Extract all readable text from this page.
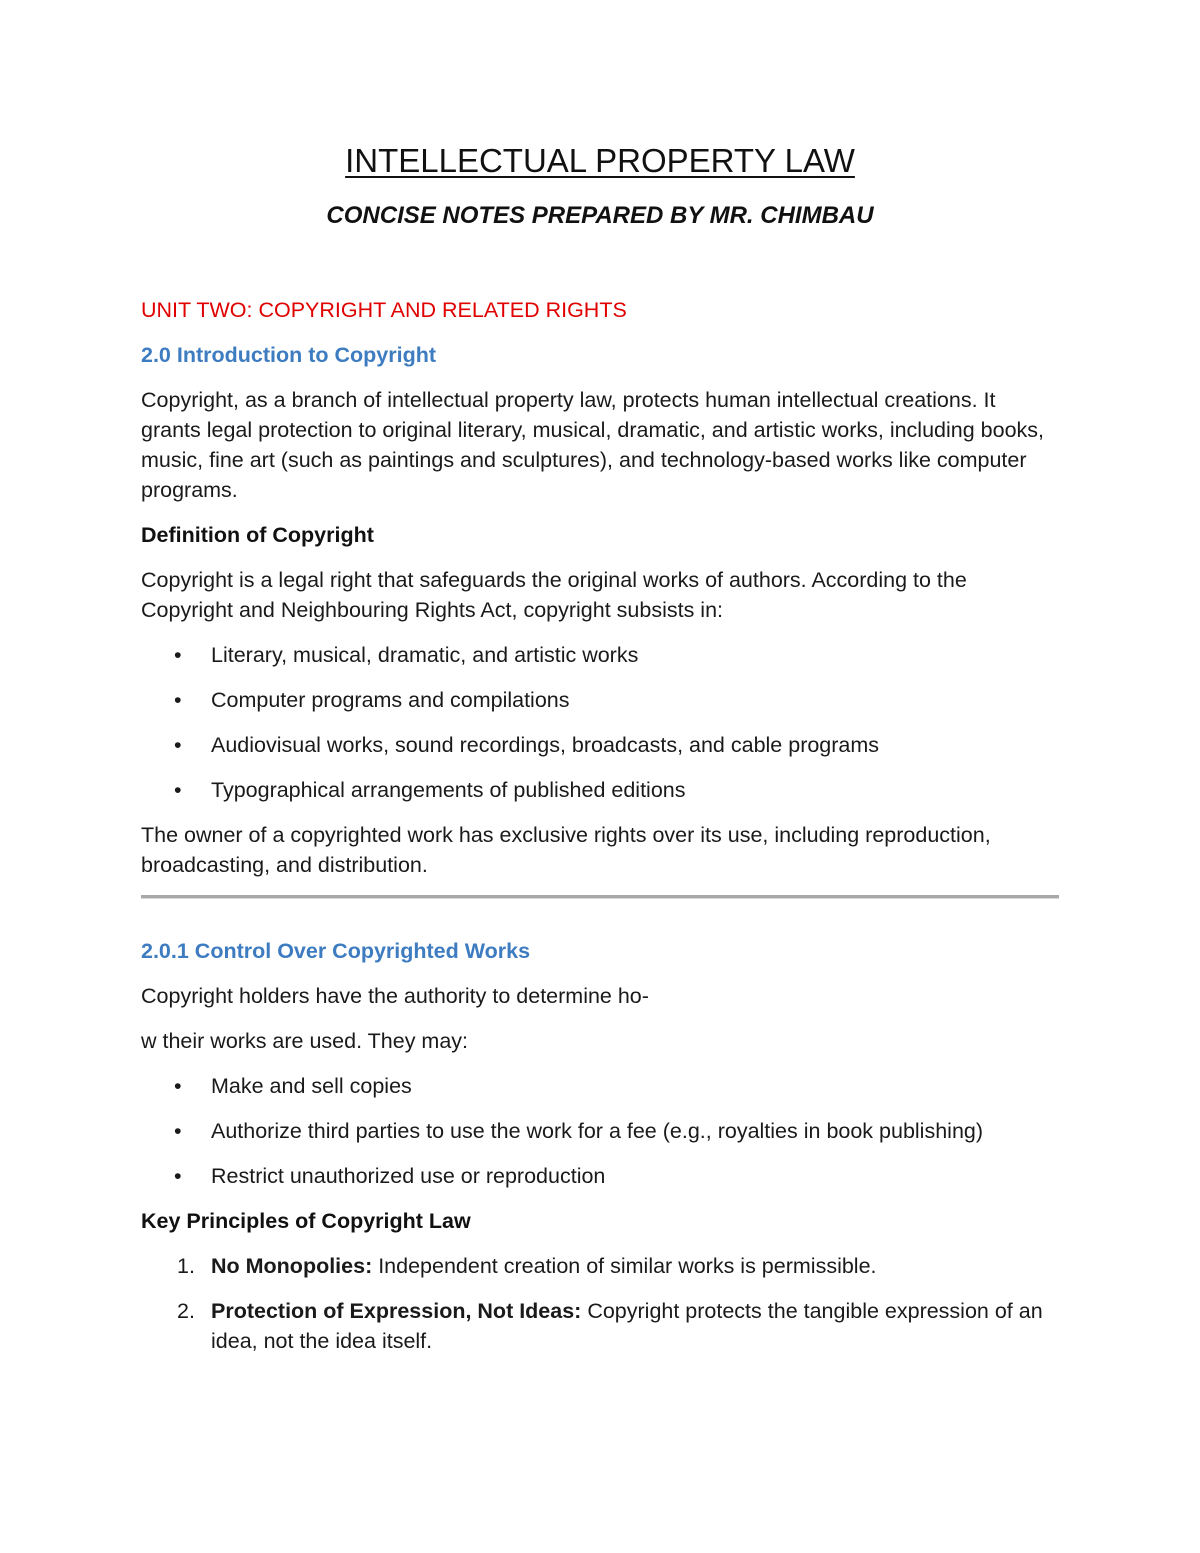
INTELLECTUAL PROPERTY LAW
CONCISE NOTES PREPARED BY MR. CHIMBAU
UNIT TWO: COPYRIGHT AND RELATED RIGHTS
2.0 Introduction to Copyright

Copyright, as a branch of intellectual property law, protects human intellectual creations. It grants legal protection to original literary, musical, dramatic, and artistic works, including books, music, fine art (such as paintings and sculptures), and technology-based works like computer programs.

Definition of Copyright

Copyright is a legal right that safeguards the original works of authors. According to the Copyright and Neighbouring Rights Act, copyright subsists in:

• Literary, musical, dramatic, and artistic works
• Computer programs and compilations
• Audiovisual works, sound recordings, broadcasts, and cable programs
• Typographical arrangements of published editions

The owner of a copyrighted work has exclusive rights over its use, including reproduction, broadcasting, and distribution.

2.0.1 Control Over Copyrighted Works

Copyright holders have the authority to determine ho-

w their works are used. They may:

• Make and sell copies
• Authorize third parties to use the work for a fee (e.g., royalties in book publishing)
• Restrict unauthorized use or reproduction
Key Principles of Copyright Law
1. No Monopolies: Independent creation of similar works is permissible.
2. Protection of Expression, Not Ideas: Copyright protects the tangible expression of an idea, not the idea itself.
